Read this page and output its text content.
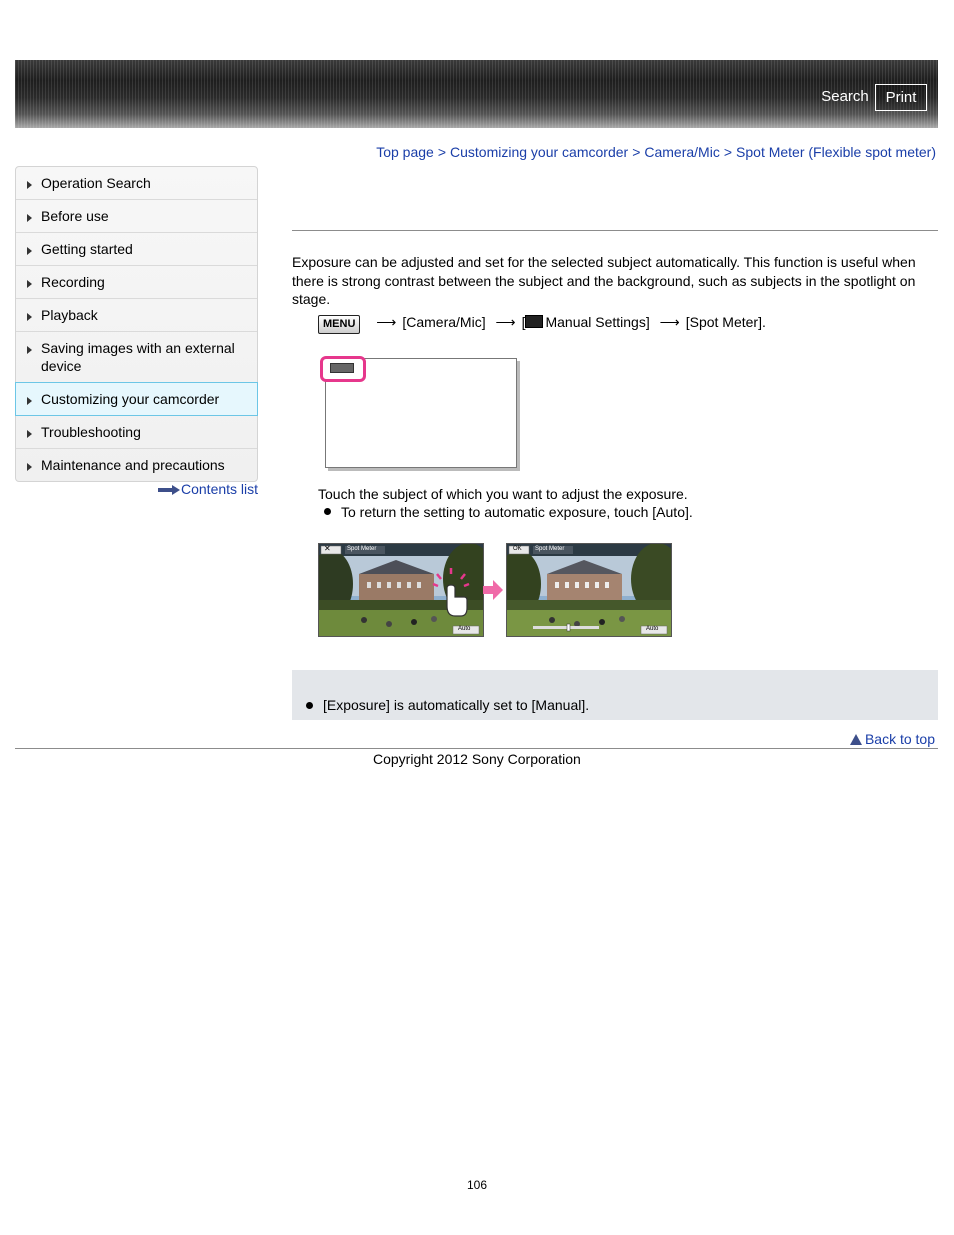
Search	Print
Top page > Customizing your camcorder > Camera/Mic > Spot Meter (Flexible spot meter)
Operation Search
Before use
Getting started
Recording
Playback
Saving images with an external device
Customizing your camcorder
Troubleshooting
Maintenance and precautions
Contents list
Exposure can be adjusted and set for the selected subject automatically. This function is useful when there is strong contrast between the subject and the background, such as subjects in the spotlight on stage.
MENU ⟶ [Camera/Mic] ⟶ [ Manual Settings] ⟶ [Spot Meter].
Touch the subject of which you want to adjust the exposure.
To return the setting to automatic exposure, touch [Auto].
✕	Spot Meter
Auto
OK Spot Meter
Auto
[Exposure] is automatically set to [Manual].
Back to top
Copyright 2012 Sony Corporation
106
